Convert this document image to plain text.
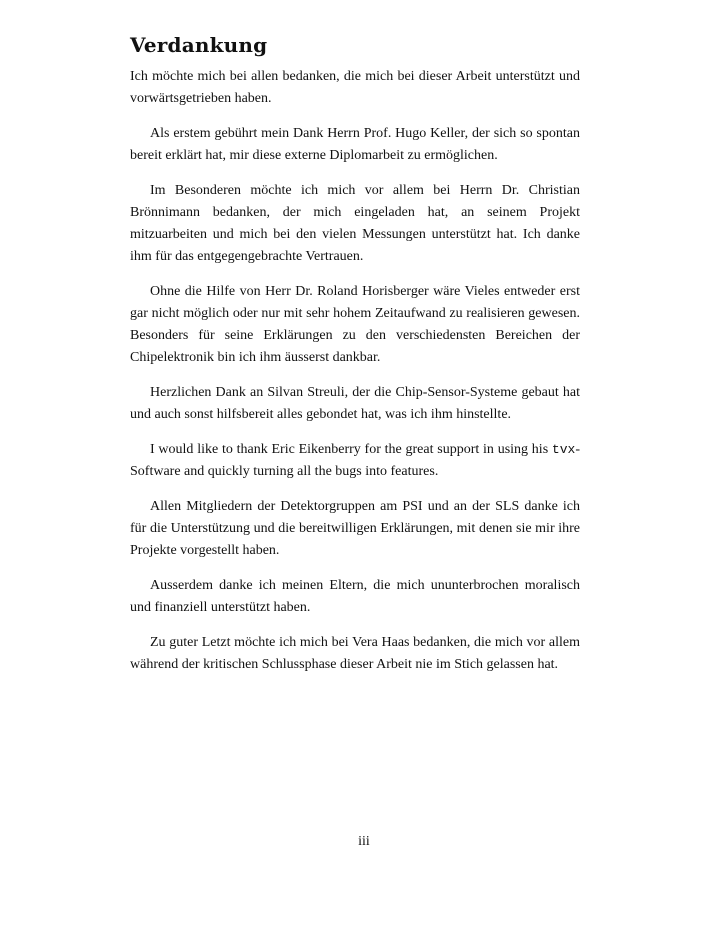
Verdankung

Ich möchte mich bei allen bedanken, die mich bei dieser Arbeit unterstützt und vorwärtsgetrieben haben.

Als erstem gebührt mein Dank Herrn Prof. Hugo Keller, der sich so spontan bereit erklärt hat, mir diese externe Diplomarbeit zu ermöglichen.

Im Besonderen möchte ich mich vor allem bei Herrn Dr. Christian Brönnimann bedanken, der mich eingeladen hat, an seinem Projekt mitzuarbeiten und mich bei den vielen Messungen unterstützt hat. Ich danke ihm für das entgegengebrachte Vertrauen.

Ohne die Hilfe von Herr Dr. Roland Horisberger wäre Vieles entweder erst gar nicht möglich oder nur mit sehr hohem Zeitaufwand zu realisieren gewesen. Besonders für seine Erklärungen zu den verschiedensten Bereichen der Chipelektronik bin ich ihm äusserst dankbar.

Herzlichen Dank an Silvan Streuli, der die Chip-Sensor-Systeme gebaut hat und auch sonst hilfsbereit alles gebondet hat, was ich ihm hinstellte.

I would like to thank Eric Eikenberry for the great support in using his tvx-Software and quickly turning all the bugs into features.

Allen Mitgliedern der Detektorgruppen am PSI und an der SLS danke ich für die Unterstützung und die bereitwilligen Erklärungen, mit denen sie mir ihre Projekte vorgestellt haben.

Ausserdem danke ich meinen Eltern, die mich ununterbrochen moralisch und finanziell unterstützt haben.

Zu guter Letzt möchte ich mich bei Vera Haas bedanken, die mich vor allem während der kritischen Schlussphase dieser Arbeit nie im Stich gelassen hat.

iii
